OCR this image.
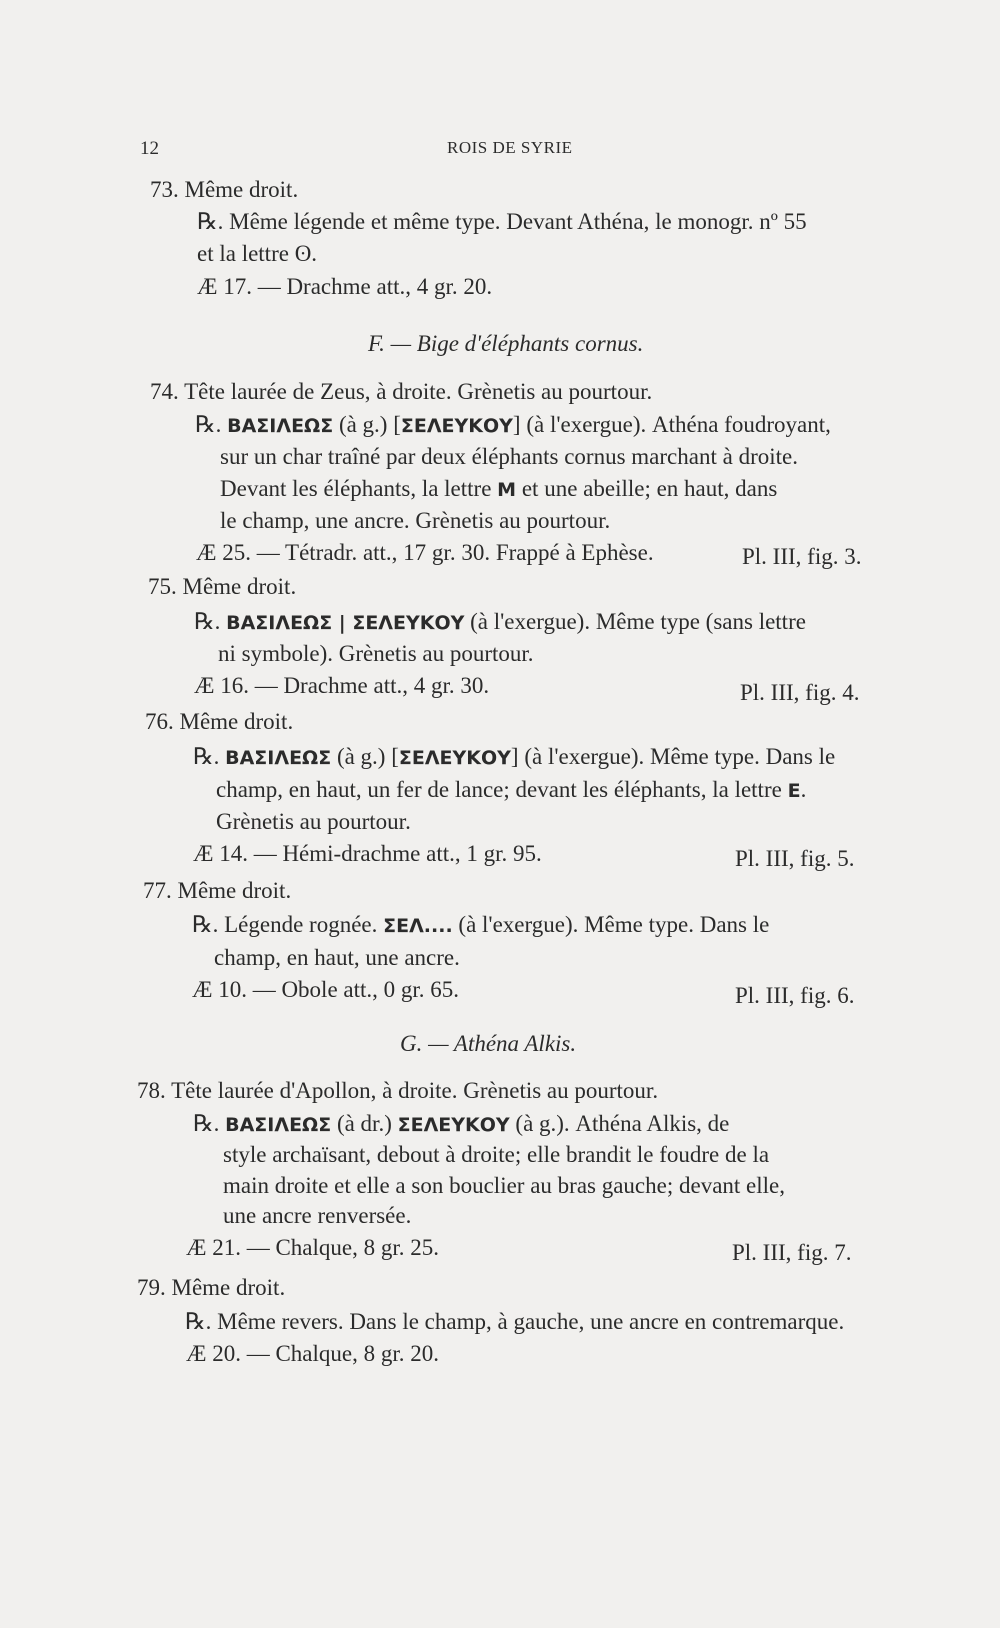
12	ROIS DE SYRIE
73. Même droit.
℞. Même légende et même type. Devant Athéna, le monogr. nº 55
et la lettre ʘ.
Æ 17. — Drachme att., 4 gr. 20.
F. — Bige d'éléphants cornus.
74. Tête laurée de Zeus, à droite. Grènetis au pourtour.
℞. ΒΑΣΙΛΕΩΣ (à g.) [ΣΕΛΕΥΚΟΥ] (à l'exergue). Athéna foudroyant,
sur un char traîné par deux éléphants cornus marchant à droite.
Devant les éléphants, la lettre M et une abeille; en haut, dans
le champ, une ancre. Grènetis au pourtour.
Æ 25. — Tétradr. att., 17 gr. 30. Frappé à Ephèse.	Pl. III, fig. 3.
75. Même droit.
℞. ΒΑΣΙΛΕΩΣ | ΣΕΛΕΥΚΟΥ (à l'exergue). Même type (sans lettre
ni symbole). Grènetis au pourtour.
Æ 16. — Drachme att., 4 gr. 30.	Pl. III, fig. 4.
76. Même droit.
℞. ΒΑΣΙΛΕΩΣ (à g.) [ΣΕΛΕΥΚΟΥ] (à l'exergue). Même type. Dans le
champ, en haut, un fer de lance; devant les éléphants, la lettre E.
Grènetis au pourtour.
Æ 14. — Hémi-drachme att., 1 gr. 95.	Pl. III, fig. 5.
77. Même droit.
℞. Légende rognée. ΣΕΛ.... (à l'exergue). Même type. Dans le
champ, en haut, une ancre.
Æ 10. — Obole att., 0 gr. 65.	Pl. III, fig. 6.
G. — Athéna Alkis.
78. Tête laurée d'Apollon, à droite. Grènetis au pourtour.
℞. ΒΑΣΙΛΕΩΣ (à dr.) ΣΕΛΕΥΚΟΥ (à g.). Athéna Alkis, de
style archaïsant, debout à droite; elle brandit le foudre de la
main droite et elle a son bouclier au bras gauche; devant elle,
une ancre renversée.
Æ 21. — Chalque, 8 gr. 25.	Pl. III, fig. 7.
79. Même droit.
℞. Même revers. Dans le champ, à gauche, une ancre en contremarque.
Æ 20. — Chalque, 8 gr. 20.
